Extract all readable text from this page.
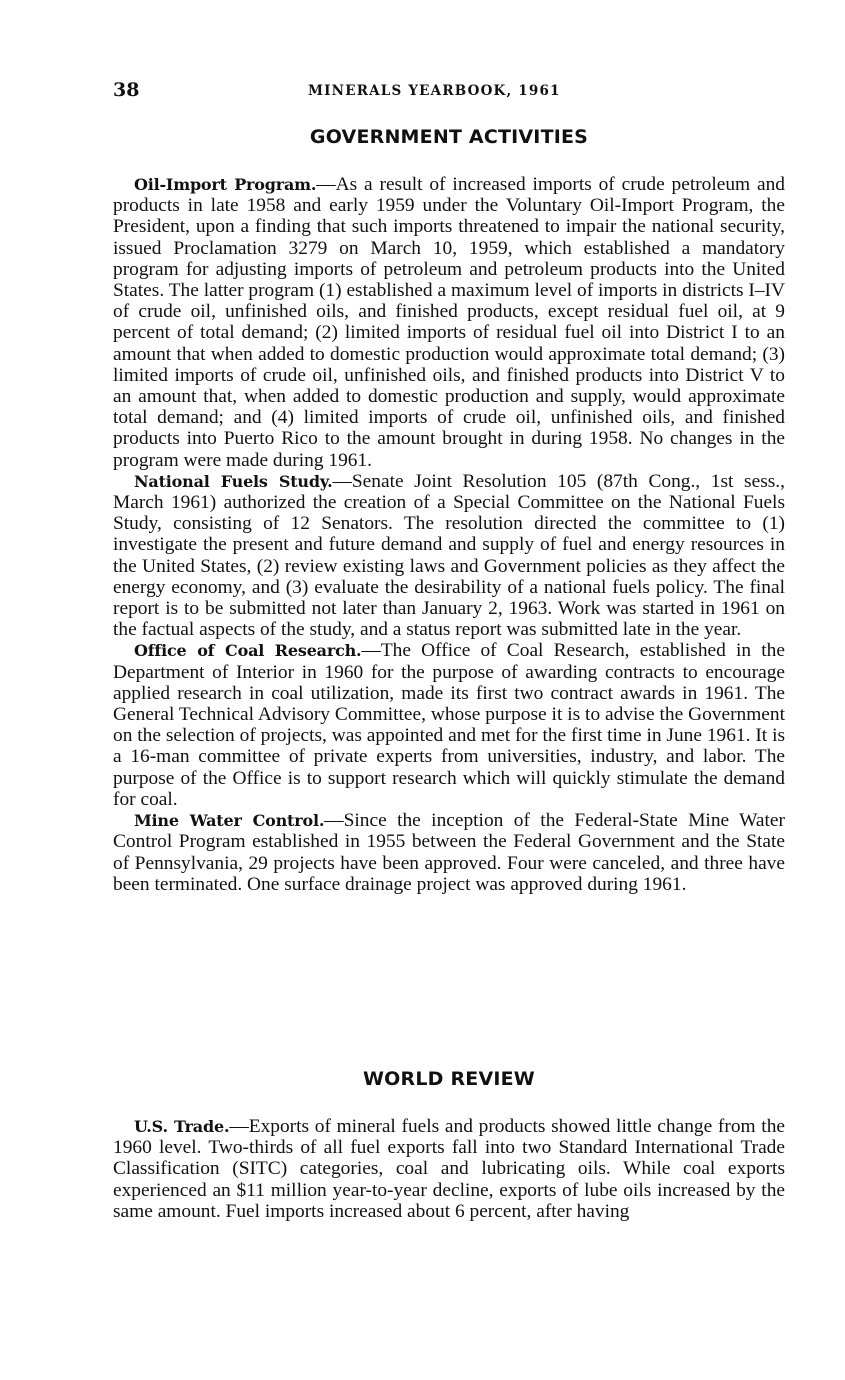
38	MINERALS YEARBOOK, 1961
GOVERNMENT ACTIVITIES

Oil-Import Program.—As a result of increased imports of crude petroleum and products in late 1958 and early 1959 under the Voluntary Oil-Import Program, the President, upon a finding that such imports threatened to impair the national security, issued Proclamation 3279 on March 10, 1959, which established a mandatory program for adjusting imports of petroleum and petroleum products into the United States. The latter program (1) established a maximum level of imports in districts I–IV of crude oil, unfinished oils, and finished products, except residual fuel oil, at 9 percent of total demand; (2) limited imports of residual fuel oil into District I to an amount that when added to domestic production would approximate total demand; (3) limited imports of crude oil, unfinished oils, and finished products into District V to an amount that, when added to domestic production and supply, would approximate total demand; and (4) limited imports of crude oil, unfinished oils, and finished products into Puerto Rico to the amount brought in during 1958. No changes in the program were made during 1961.

National Fuels Study.—Senate Joint Resolution 105 (87th Cong., 1st sess., March 1961) authorized the creation of a Special Committee on the National Fuels Study, consisting of 12 Senators. The resolution directed the committee to (1) investigate the present and future demand and supply of fuel and energy resources in the United States, (2) review existing laws and Government policies as they affect the energy economy, and (3) evaluate the desirability of a national fuels policy. The final report is to be submitted not later than January 2, 1963. Work was started in 1961 on the factual aspects of the study, and a status report was submitted late in the year.

Office of Coal Research.—The Office of Coal Research, established in the Department of Interior in 1960 for the purpose of awarding contracts to encourage applied research in coal utilization, made its first two contract awards in 1961. The General Technical Advisory Committee, whose purpose it is to advise the Government on the selection of projects, was appointed and met for the first time in June 1961. It is a 16-man committee of private experts from universities, industry, and labor. The purpose of the Office is to support research which will quickly stimulate the demand for coal.

Mine Water Control.—Since the inception of the Federal-State Mine Water Control Program established in 1955 between the Federal Government and the State of Pennsylvania, 29 projects have been approved. Four were canceled, and three have been terminated. One surface drainage project was approved during 1961.

WORLD REVIEW

U.S. Trade.—Exports of mineral fuels and products showed little change from the 1960 level. Two-thirds of all fuel exports fall into two Standard International Trade Classification (SITC) categories, coal and lubricating oils. While coal exports experienced an $11 million year-to-year decline, exports of lube oils increased by the same amount. Fuel imports increased about 6 percent, after having
